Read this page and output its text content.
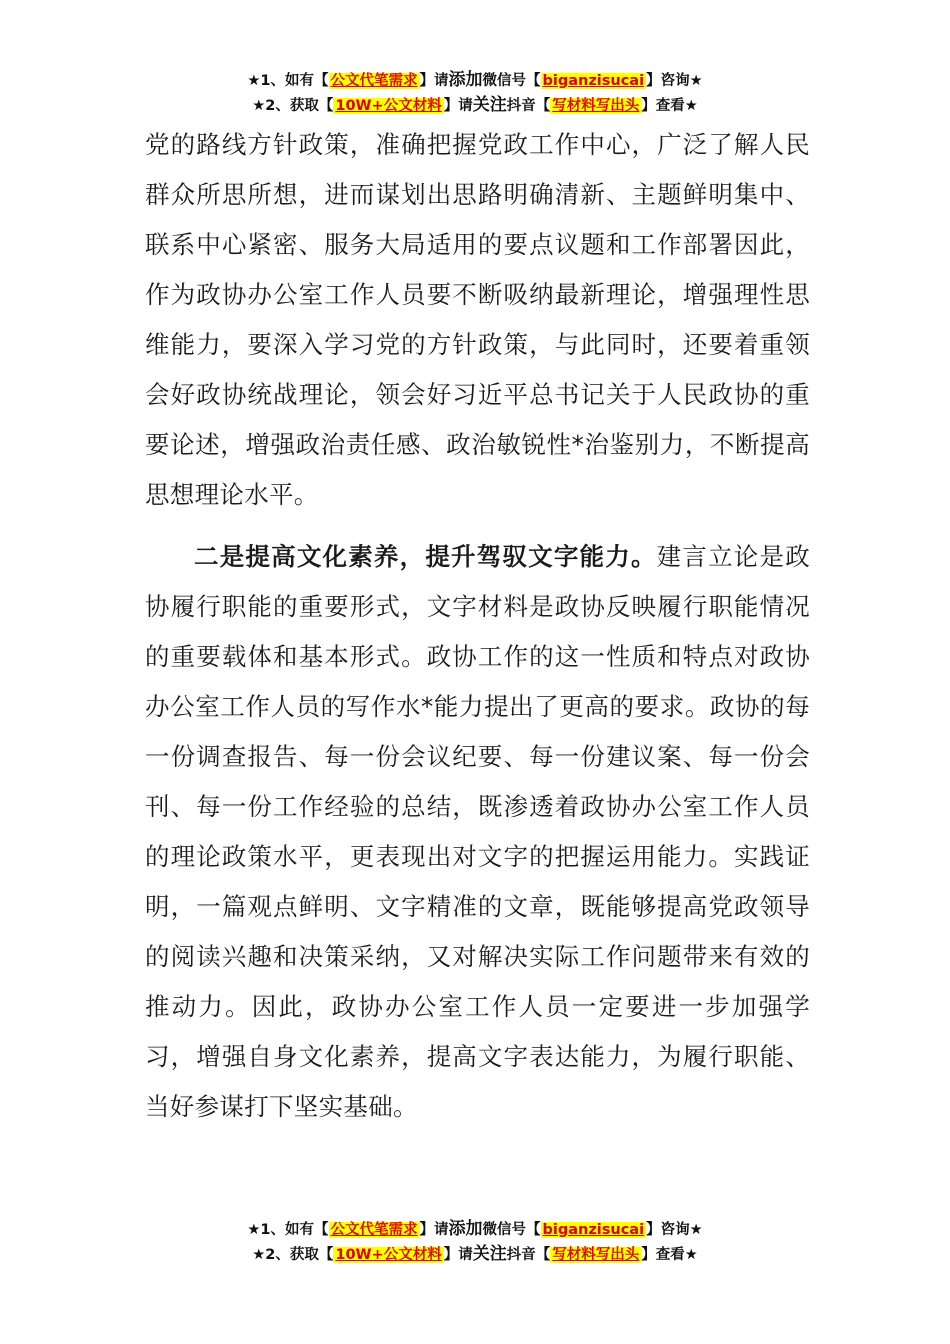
★1、如有【 公文代笔需求 】请添加微信号【 biganzisucai 】咨询★
★2、获取【 10W+公文材料 】请关注抖音【 写材料写出头 】查看★

党的路线方针政策，准确把握党政工作中心，广泛了解人民群众所思所想，进而谋划出思路明确清新、主题鲜明集中、联系中心紧密、服务大局适用的要点议题和工作部署因此，作为政协办公室工作人员要不断吸纳最新理论，增强理性思维能力，要深入学习党的方针政策，与此同时，还要着重领会好政协统战理论，领会好习近平总书记关于人民政协的重要论述，增强政治责任感、政治敏锐性*治鉴别力，不断提高思想理论水平。

二是提高文化素养，提升驾驭文字能力。建言立论是政协履行职能的重要形式，文字材料是政协反映履行职能情况的重要载体和基本形式。政协工作的这一性质和特点对政协办公室工作人员的写作水*能力提出了更高的要求。政协的每一份调查报告、每一份会议纪要、每一份建议案、每一份会刊、每一份工作经验的总结，既渗透着政协办公室工作人员的理论政策水平，更表现出对文字的把握运用能力。实践证明，一篇观点鲜明、文字精准的文章，既能够提高党政领导的阅读兴趣和决策采纳，又对解决实际工作问题带来有效的推动力。因此，政协办公室工作人员一定要进一步加强学习，增强自身文化素养，提高文字表达能力，为履行职能、当好参谋打下坚实基础。

★1、如有【 公文代笔需求 】请添加微信号【 biganzisucai 】咨询★
★2、获取【 10W+公文材料 】请关注抖音【 写材料写出头 】查看★
